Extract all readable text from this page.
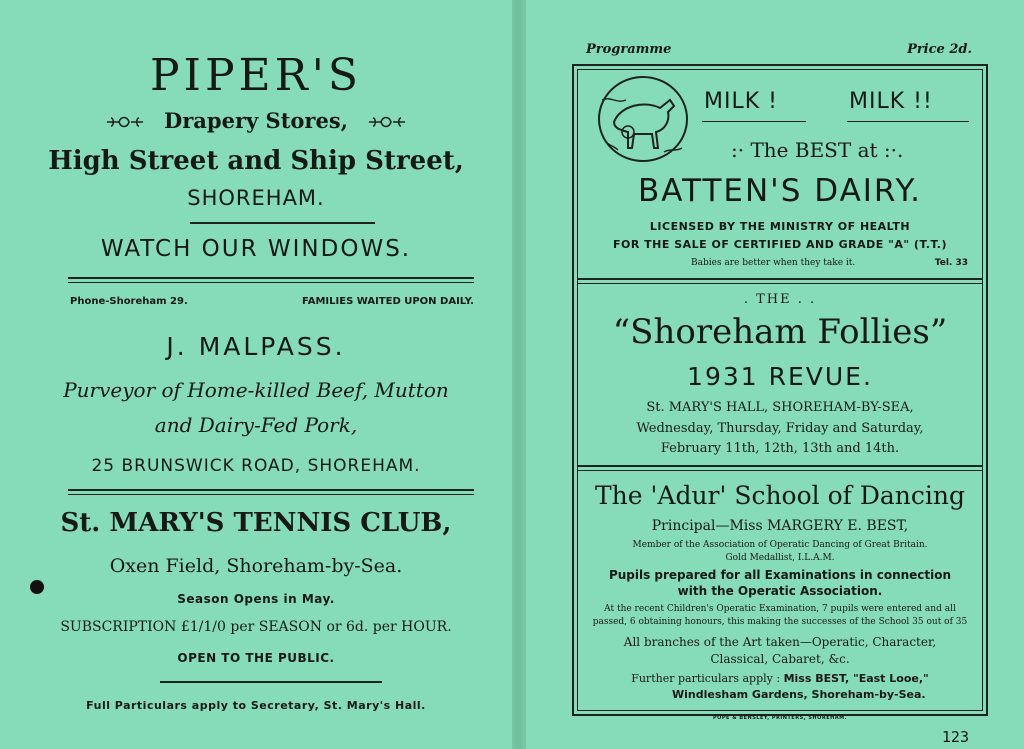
PIPER'S
Drapery Stores,
High Street and Ship Street,
SHOREHAM.
WATCH OUR WINDOWS.
Phone-Shoreham 29.	FAMILIES WAITED UPON DAILY.
J. MALPASS.
Purveyor of Home-killed Beef, Mutton
and Dairy-Fed Pork,
25 BRUNSWICK ROAD, SHOREHAM.
St. MARY'S TENNIS CLUB,
Oxen Field, Shoreham-by-Sea.
Season Opens in May.
SUBSCRIPTION £1/1/0 per SEASON or 6d. per HOUR.
OPEN TO THE PUBLIC.
Full Particulars apply to Secretary, St. Mary's Hall.
Programme	Price 2d.
MILK !	MILK !!
:· The BEST at :·.
BATTEN'S DAIRY.
LICENSED BY THE MINISTRY OF HEALTH
FOR THE SALE OF CERTIFIED AND GRADE "A" (T.T.)
Babies are better when they take it.	Tel. 33
. THE . .
“Shoreham Follies”
1931 REVUE.
St. MARY'S HALL, SHOREHAM-BY-SEA,
Wednesday, Thursday, Friday and Saturday,
February 11th, 12th, 13th and 14th.
The 'Adur' School of Dancing
Principal—Miss MARGERY E. BEST,
Member of the Association of Operatic Dancing of Great Britain.
Gold Medallist, I.L.A.M.
Pupils prepared for all Examinations in connection
with the Operatic Association.
At the recent Children's Operatic Examination, 7 pupils were entered and all
passed, 6 obtaining honours, this making the successes of the School 35 out of 35
All branches of the Art taken—Operatic, Character,
Classical, Cabaret, &c.
Further particulars apply : Miss BEST, "East Looe,"
Windlesham Gardens, Shoreham-by-Sea.
POPE & BENSLEY, PRINTERS, SHOREHAM.
123
